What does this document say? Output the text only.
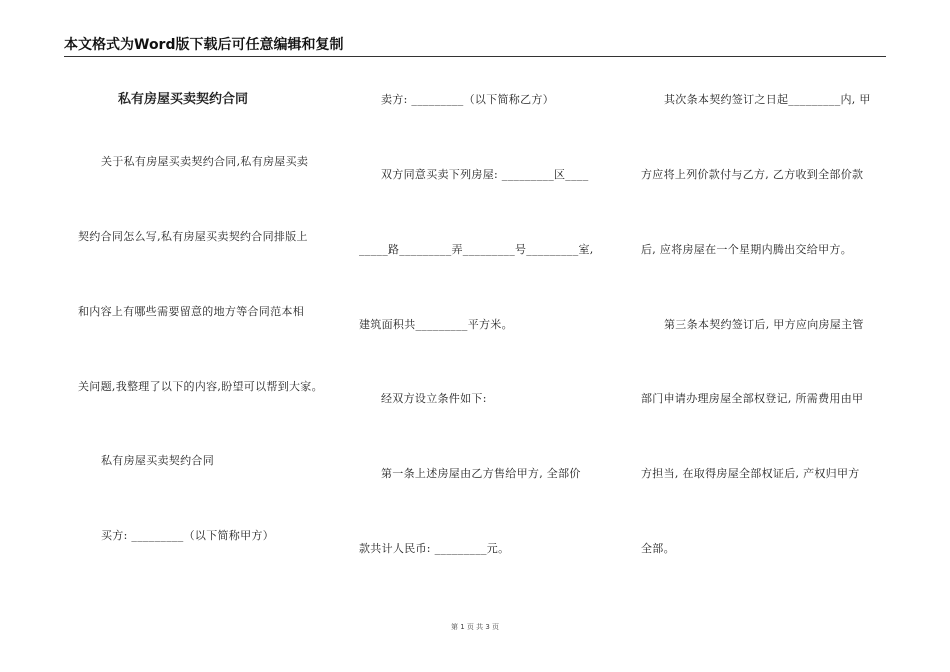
本文格式为Word版下载后可任意编辑和复制
私有房屋买卖契约合同
关于私有房屋买卖契约合同,私有房屋买卖
契约合同怎么写,私有房屋买卖契约合同排版上
和内容上有哪些需要留意的地方等合同范本相
关问题,我整理了以下的内容,盼望可以帮到大家。
私有房屋买卖契约合同
买方: _________（以下简称甲方）
卖方: _________（以下简称乙方）
双方同意买卖下列房屋: _________区____
_____路_________弄_________号_________室,
建筑面积共_________平方米。
经双方设立条件如下:
第一条上述房屋由乙方售给甲方, 全部价
款共计人民币: _________元。
其次条本契约签订之日起_________内, 甲
方应将上列价款付与乙方, 乙方收到全部价款
后, 应将房屋在一个星期内腾出交给甲方。
第三条本契约签订后, 甲方应向房屋主管
部门申请办理房屋全部权登记, 所需费用由甲
方担当, 在取得房屋全部权证后, 产权归甲方
全部。
第 1 页 共 3 页
